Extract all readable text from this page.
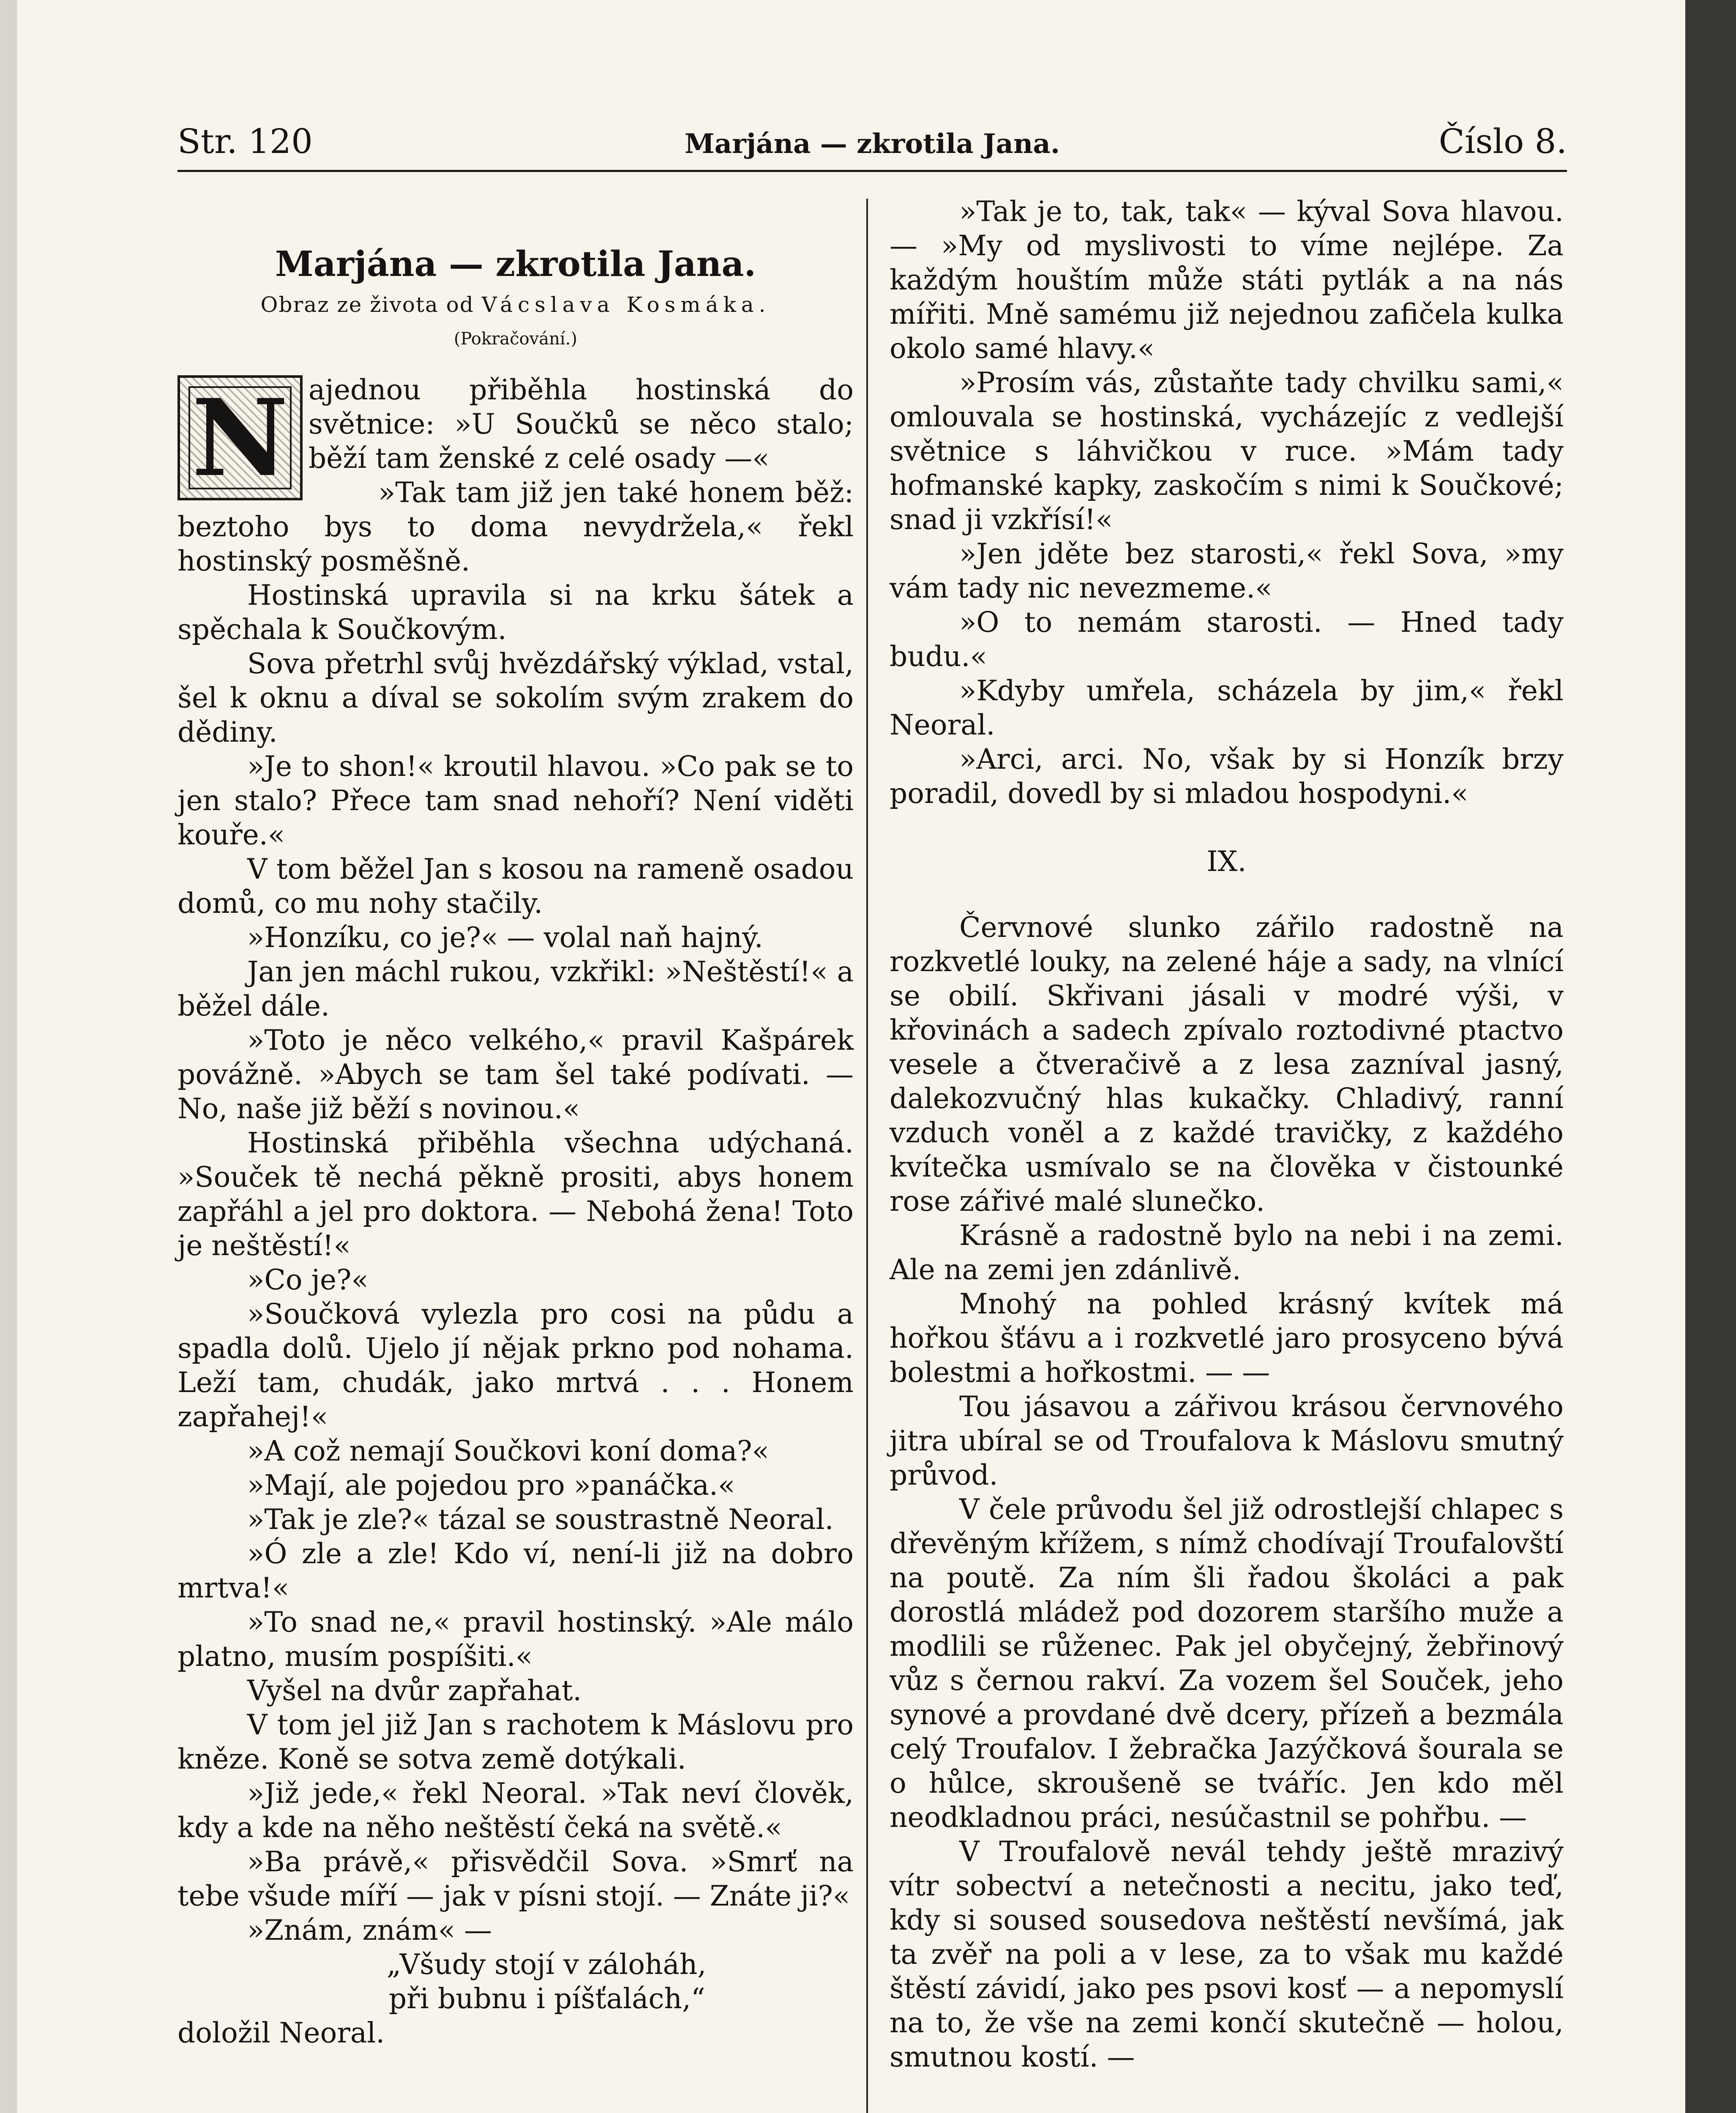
Str. 120	Marjána — zkrotila Jana.	Číslo 8.
Marjána — zkrotila Jana.
Obraz ze života od Vácslava Kosmáka.
(Pokračování.)
N ajednou přiběhla hostinská do světnice: »U Součků se něco stalo; běží tam ženské z celé osady —«

»Tak tam již jen také honem běž: beztoho bys to doma nevydržela,« řekl hostinský posměšně.

Hostinská upravila si na krku šátek a spěchala k Součkovým.

Sova přetrhl svůj hvězdářský výklad, vstal, šel k oknu a díval se sokolím svým zrakem do dědiny.

»Je to shon!« kroutil hlavou. »Co pak se to jen stalo? Přece tam snad nehoří? Není viděti kouře.«

V tom běžel Jan s kosou na rameně osadou domů, co mu nohy stačily.

»Honzíku, co je?« — volal naň hajný.

Jan jen máchl rukou, vzkřikl: »Neštěstí!« a běžel dále.

»Toto je něco velkého,« pravil Kašpárek povážně. »Abych se tam šel také podívati. — No, naše již běží s novinou.«

Hostinská přiběhla všechna udýchaná. »Souček tě nechá pěkně prositi, abys honem zapřáhl a jel pro doktora. — Nebohá žena! Toto je neštěstí!«

»Co je?«

»Součková vylezla pro cosi na půdu a spadla dolů. Ujelo jí nějak prkno pod nohama. Leží tam, chudák, jako mrtvá . . . Honem zapřahej!«

»A což nemají Součkovi koní doma?«

»Mají, ale pojedou pro »panáčka.«

»Tak je zle?« tázal se soustrastně Neoral.

»Ó zle a zle! Kdo ví, není-li již na dobro mrtva!«

»To snad ne,« pravil hostinský. »Ale málo platno, musím pospíšiti.«

Vyšel na dvůr zapřahat.

V tom jel již Jan s rachotem k Máslovu pro kněze. Koně se sotva země dotýkali.

»Již jede,« řekl Neoral. »Tak neví člověk, kdy a kde na něho neštěstí čeká na světě.«

»Ba právě,« přisvědčil Sova. »Smrť na tebe všude míří — jak v písni stojí. — Znáte ji?«

»Znám, znám« —

„Všudy stojí v záloháh,
při bubnu i píšťalách,“
doložil Neoral.

»Tak je to, tak, tak« — kýval Sova hlavou. — »My od myslivosti to víme nejlépe. Za každým houštím může státi pytlák a na nás mířiti. Mně samému již nejednou zafičela kulka okolo samé hlavy.«

»Prosím vás, zůstaňte tady chvilku sami,« omlouvala se hostinská, vycházejíc z vedlejší světnice s láhvičkou v ruce. »Mám tady hofmanské kapky, zaskočím s nimi k Součkové; snad ji vzkřísí!«

»Jen jděte bez starosti,« řekl Sova, »my vám tady nic nevezmeme.«

»O to nemám starosti. — Hned tady budu.«

»Kdyby umřela, scházela by jim,« řekl Neoral.

»Arci, arci. No, však by si Honzík brzy poradil, dovedl by si mladou hospodyni.«

IX.

Červnové slunko zářilo radostně na rozkvetlé louky, na zelené háje a sady, na vlnící se obilí. Skřivani jásali v modré výši, v křovinách a sadech zpívalo roztodivné ptactvo vesele a čtveračivě a z lesa zazníval jasný, dalekozvučný hlas kukačky. Chladivý, ranní vzduch voněl a z každé travičky, z každého kvítečka usmívalo se na člověka v čistounké rose zářivé malé slunečko.

Krásně a radostně bylo na nebi i na zemi. Ale na zemi jen zdánlivě.

Mnohý na pohled krásný kvítek má hořkou šťávu a i rozkvetlé jaro prosyceno bývá bolestmi a hořkostmi. — —

Tou jásavou a zářivou krásou červnového jitra ubíral se od Troufalova k Máslovu smutný průvod.

V čele průvodu šel již odrostlejší chlapec s dřevěným křížem, s nímž chodívají Troufalovští na poutě. Za ním šli řadou školáci a pak dorostlá mládež pod dozorem staršího muže a modlili se růženec. Pak jel obyčejný, žebřinový vůz s černou rakví. Za vozem šel Souček, jeho synové a provdané dvě dcery, přízeň a bezmála celý Troufalov. I žebračka Jazýčková šourala se o hůlce, skroušeně se tváříc. Jen kdo měl neodkladnou práci, nesúčastnil se pohřbu. —

V Troufalově nevál tehdy ještě mrazivý vítr sobectví a netečnosti a necitu, jako teď, kdy si soused sousedova neštěstí nevšímá, jak ta zvěř na poli a v lese, za to však mu každé štěstí závidí, jako pes psovi kosť — a nepomyslí na to, že vše na zemi končí skutečně — holou, smutnou kostí. —
